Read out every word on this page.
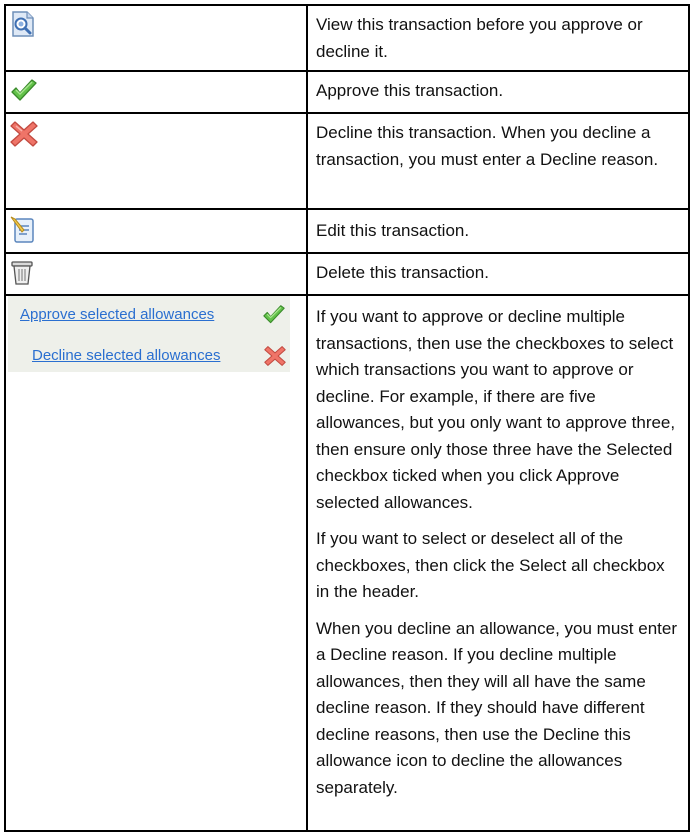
View this transaction before you approve or decline it.
Approve this transaction.
Decline this transaction. When you decline a transaction, you must enter a Decline reason.
Edit this transaction.
Delete this transaction.
Approve selected allowances
Decline selected allowances

If you want to approve or decline multiple transactions, then use the checkboxes to select which transactions you want to approve or decline. For example, if there are five allowances, but you only want to approve three, then ensure only those three have the Selected checkbox ticked when you click Approve selected allowances.

If you want to select or deselect all of the checkboxes, then click the Select all checkbox in the header.

When you decline an allowance, you must enter a Decline reason. If you decline multiple allowances, then they will all have the same decline reason. If they should have different decline reasons, then use the Decline this allowance icon to decline the allowances separately.
